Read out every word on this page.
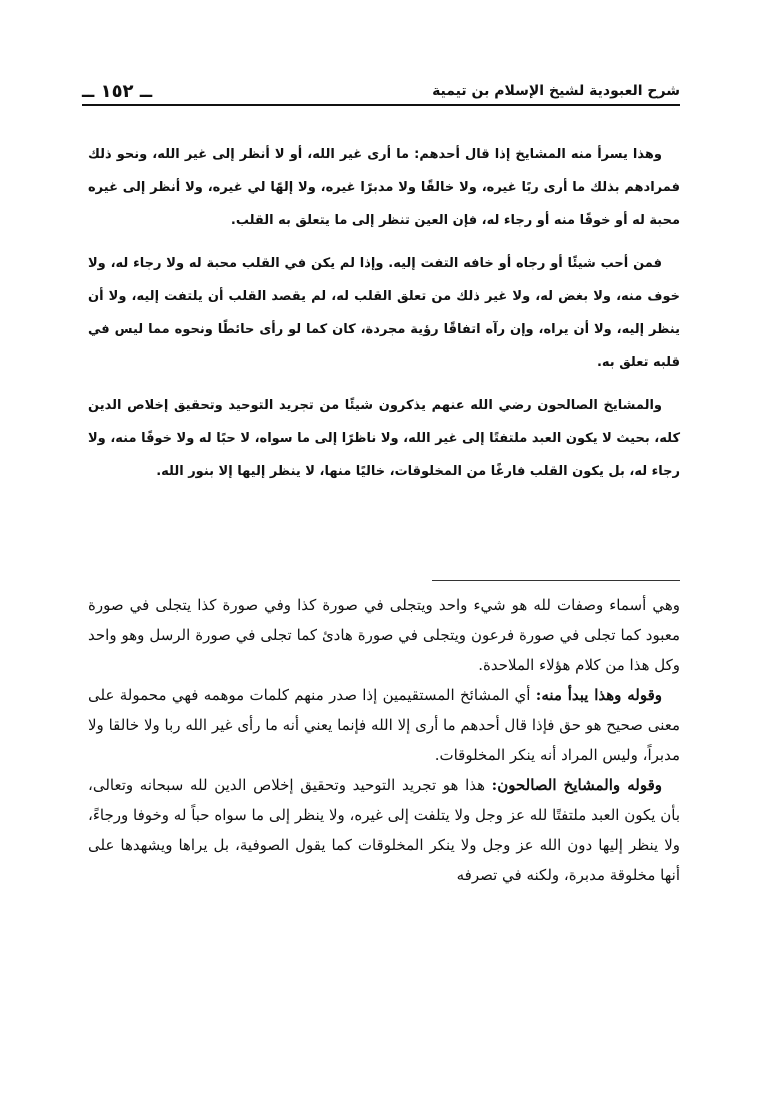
شرح العبودية لشيخ الإسلام بن تيمية
ــ ١٥٢ ــ

وهذا يسرأ منه المشايخ إذا قال أحدهم: ما أرى غير الله، أو لا أنظر إلى غير الله، ونحو ذلك فمرادهم بذلك ما أرى ربًا غيره، ولا خالقًا ولا مدبرًا غيره، ولا إلهًا لي غيره، ولا أنظر إلى غيره محبة له أو خوفًا منه أو رجاء له، فإن العين تنظر إلى ما يتعلق به القلب.

فمن أحب شيئًا أو رجاه أو خافه التفت إليه. وإذا لم يكن في القلب محبة له ولا رجاء له، ولا خوف منه، ولا بغض له، ولا غير ذلك من تعلق القلب له، لم يقصد القلب أن يلتفت إليه، ولا أن ينظر إليه، ولا أن يراه، وإن رآه اتفاقًا رؤية مجردة، كان كما لو رأى حائطًا ونحوه مما ليس في قلبه تعلق به.

والمشايخ الصالحون رضي الله عنهم يذكرون شيئًا من تجريد التوحيد وتحقيق إخلاص الدين كله، بحيث لا يكون العبد ملتفتًا إلى غير الله، ولا ناظرًا إلى ما سواه، لا حبًا له ولا خوفًا منه، ولا رجاء له، بل يكون القلب فارغًا من المخلوقات، خاليًا منها، لا ينظر إليها إلا بنور الله.

وهي أسماء وصفات لله هو شيء واحد ويتجلى في صورة كذا وفي صورة كذا يتجلى في صورة معبود كما تجلى في صورة فرعون ويتجلى في صورة هادئ كما تجلى في صورة الرسل وهو واحد وكل هذا من كلام هؤلاء الملاحدة.

وقوله وهذا يبدأ منه: أي المشائخ المستقيمين إذا صدر منهم كلمات موهمه فهي محمولة على معنى صحيح هو حق فإذا قال أحدهم ما أرى إلا الله فإنما يعني أنه ما رأى غير الله ربا ولا خالقا ولا مدبراً، وليس المراد أنه ينكر المخلوقات.

وقوله والمشايخ الصالحون: هذا هو تجريد التوحيد وتحقيق إخلاص الدين لله سبحانه وتعالى، بأن يكون العبد ملتفتًا لله عز وجل ولا يتلفت إلى غيره، ولا ينظر إلى ما سواه حباً له وخوفا ورجاءً، ولا ينظر إليها دون الله عز وجل ولا ينكر المخلوقات كما يقول الصوفية، بل يراها ويشهدها على أنها مخلوقة مدبرة، ولكنه في تصرفه
